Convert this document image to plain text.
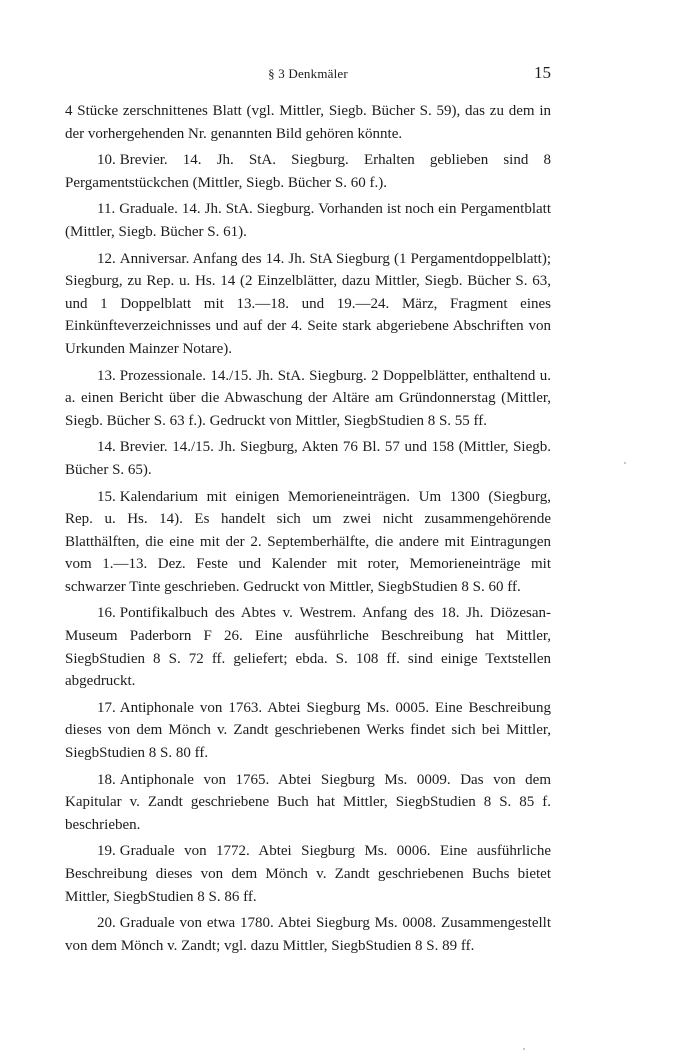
§ 3 Denkmäler	15

4 Stücke zerschnittenes Blatt (vgl. Mittler, Siegb. Bücher S. 59), das zu dem in der vorhergehenden Nr. genannten Bild gehören könnte.

10. Brevier. 14. Jh. StA. Siegburg. Erhalten geblieben sind 8 Pergamentstückchen (Mittler, Siegb. Bücher S. 60 f.).

11. Graduale. 14. Jh. StA. Siegburg. Vorhanden ist noch ein Pergamentblatt (Mittler, Siegb. Bücher S. 61).

12. Anniversar. Anfang des 14. Jh. StA Siegburg (1 Pergamentdoppelblatt); Siegburg, zu Rep. u. Hs. 14 (2 Einzelblätter, dazu Mittler, Siegb. Bücher S. 63, und 1 Doppelblatt mit 13.—18. und 19.—24. März, Fragment eines Einkünfteverzeichnisses und auf der 4. Seite stark abgeriebene Abschriften von Urkunden Mainzer Notare).

13. Prozessionale. 14./15. Jh. StA. Siegburg. 2 Doppelblätter, enthaltend u. a. einen Bericht über die Abwaschung der Altäre am Gründonnerstag (Mittler, Siegb. Bücher S. 63 f.). Gedruckt von Mittler, SiegbStudien 8 S. 55 ff.

14. Brevier. 14./15. Jh. Siegburg, Akten 76 Bl. 57 und 158 (Mittler, Siegb. Bücher S. 65).

15. Kalendarium mit einigen Memorieneinträgen. Um 1300 (Siegburg, Rep. u. Hs. 14). Es handelt sich um zwei nicht zusammengehörende Blatthälften, die eine mit der 2. Septemberhälfte, die andere mit Eintragungen vom 1.—13. Dez. Feste und Kalender mit roter, Memorieneinträge mit schwarzer Tinte geschrieben. Gedruckt von Mittler, SiegbStudien 8 S. 60 ff.

16. Pontifikalbuch des Abtes v. Westrem. Anfang des 18. Jh. Diözesan-Museum Paderborn F 26. Eine ausführliche Beschreibung hat Mittler, SiegbStudien 8 S. 72 ff. geliefert; ebda. S. 108 ff. sind einige Textstellen abgedruckt.

17. Antiphonale von 1763. Abtei Siegburg Ms. 0005. Eine Beschreibung dieses von dem Mönch v. Zandt geschriebenen Werks findet sich bei Mittler, SiegbStudien 8 S. 80 ff.

18. Antiphonale von 1765. Abtei Siegburg Ms. 0009. Das von dem Kapitular v. Zandt geschriebene Buch hat Mittler, SiegbStudien 8 S. 85 f. beschrieben.

19. Graduale von 1772. Abtei Siegburg Ms. 0006. Eine ausführliche Beschreibung dieses von dem Mönch v. Zandt geschriebenen Buchs bietet Mittler, SiegbStudien 8 S. 86 ff.

20. Graduale von etwa 1780. Abtei Siegburg Ms. 0008. Zusammengestellt von dem Mönch v. Zandt; vgl. dazu Mittler, SiegbStudien 8 S. 89 ff.
